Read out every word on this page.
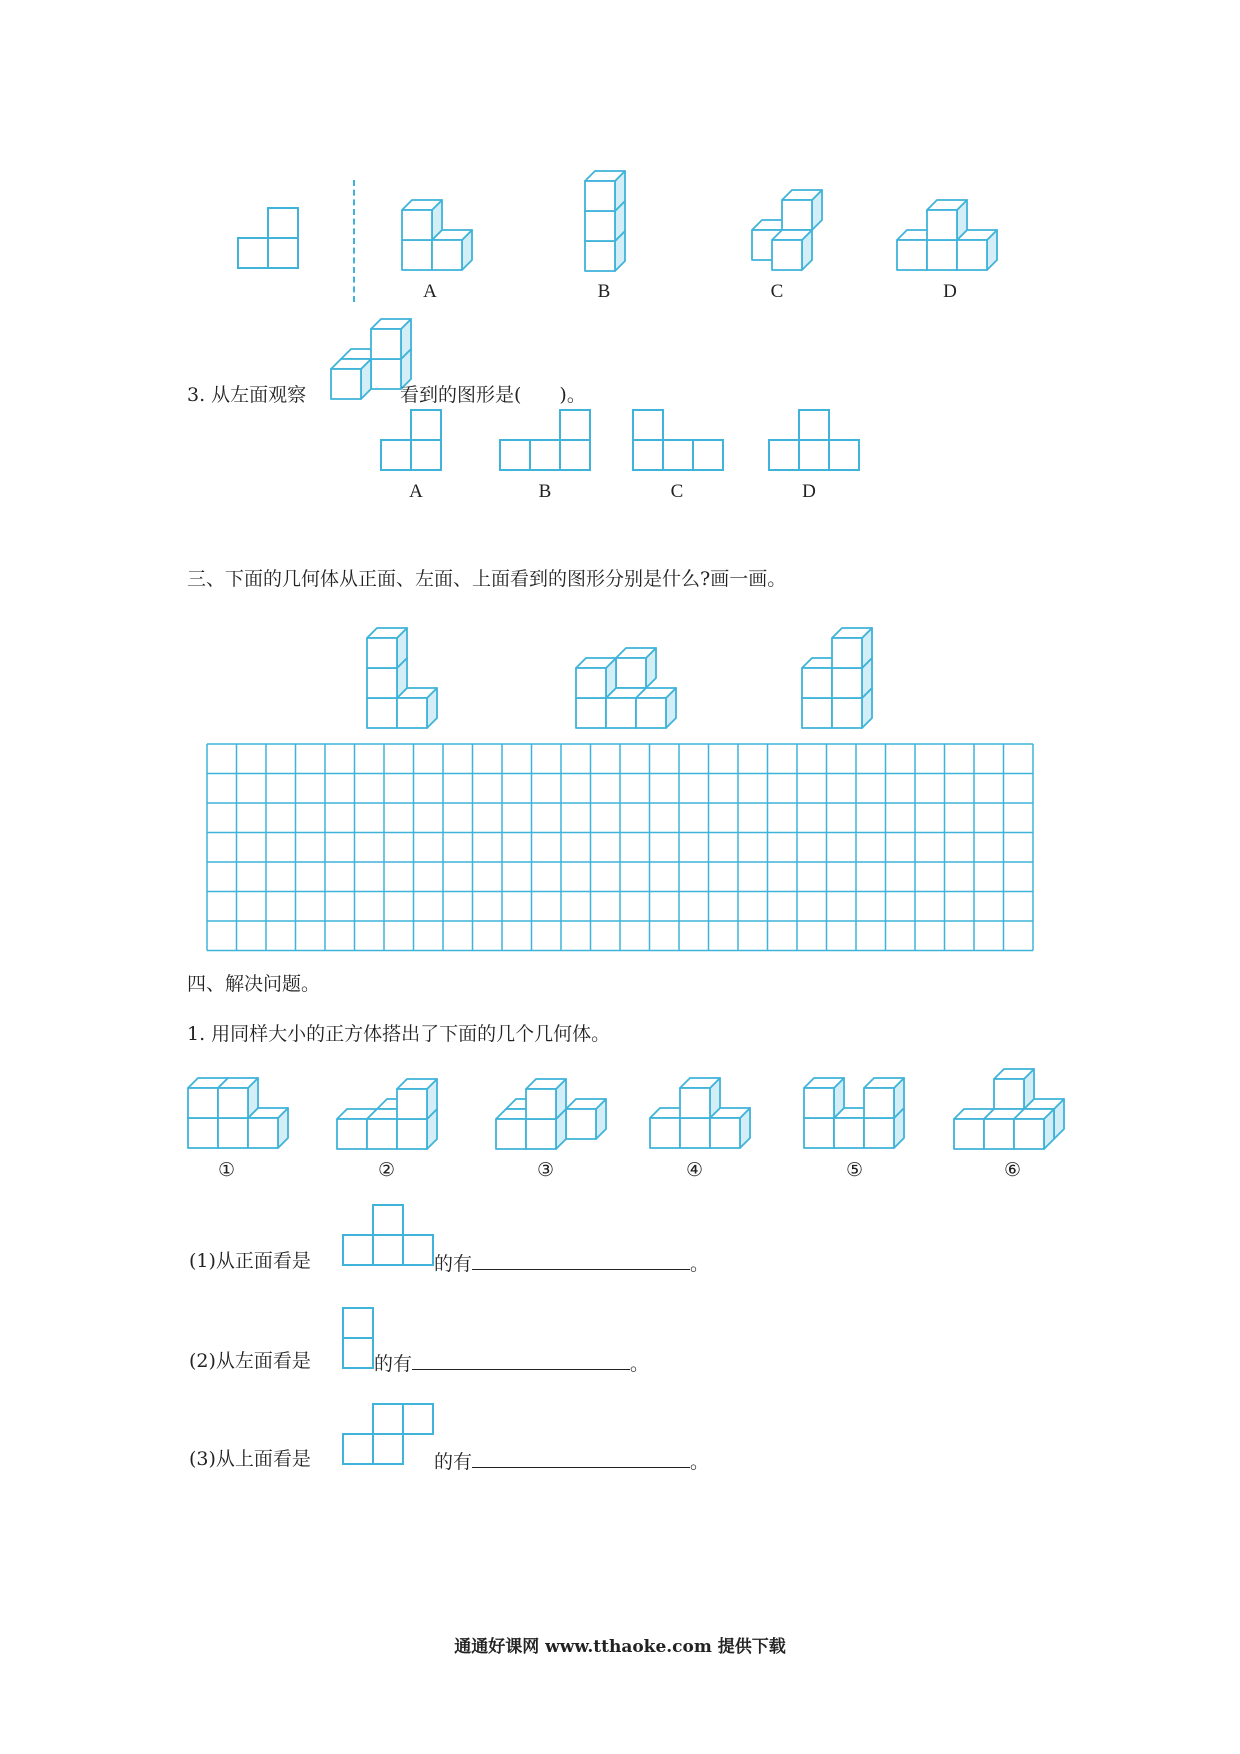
A	B	C	D
3. 从左面观察	看到的图形是(　　)。
A	B	C	D
三、下面的几何体从正面、左面、上面看到的图形分别是什么?画一画。
四、解决问题。
1. 用同样大小的正方体搭出了下面的几个几何体。
①	②	③	④	⑤	⑥
(1)从正面看是	的有	。
(2)从左面看是	的有	。
(3)从上面看是	的有	。
通通好课网 www.tthaoke.com 提供下载
